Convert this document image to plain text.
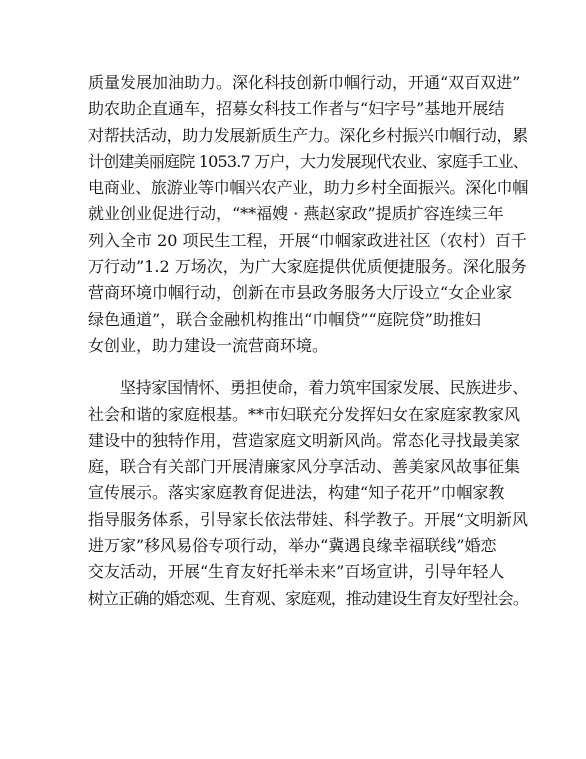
质量发展加油助力。深化科技创新巾帼行动，开通“双百双进”
助农助企直通车，招募女科技工作者与“妇字号”基地开展结
对帮扶活动，助力发展新质生产力。深化乡村振兴巾帼行动，累
计创建美丽庭院 1053.7 万户，大力发展现代农业、家庭手工业、
电商业、旅游业等巾帼兴农产业，助力乡村全面振兴。深化巾帼
就业创业促进行动，“**福嫂 · 燕赵家政”提质扩容连续三年
列入全市 20 项民生工程，开展“巾帼家政进社区（农村）百千
万行动”1.2 万场次，为广大家庭提供优质便捷服务。深化服务
营商环境巾帼行动，创新在市县政务服务大厅设立“女企业家
绿色通道”，联合金融机构推出“巾帼贷”“庭院贷”助推妇
女创业，助力建设一流营商环境。
坚持家国情怀、勇担使命，着力筑牢国家发展、民族进步、
社会和谐的家庭根基。**市妇联充分发挥妇女在家庭家教家风
建设中的独特作用，营造家庭文明新风尚。常态化寻找最美家
庭，联合有关部门开展清廉家风分享活动、善美家风故事征集
宣传展示。落实家庭教育促进法，构建“知子花开”巾帼家教
指导服务体系，引导家长依法带娃、科学教子。开展“文明新风
进万家”移风易俗专项行动，举办“冀遇良缘幸福联线”婚恋
交友活动，开展“生育友好托举未来”百场宣讲，引导年轻人
树立正确的婚恋观、生育观、家庭观，推动建设生育友好型社会。
